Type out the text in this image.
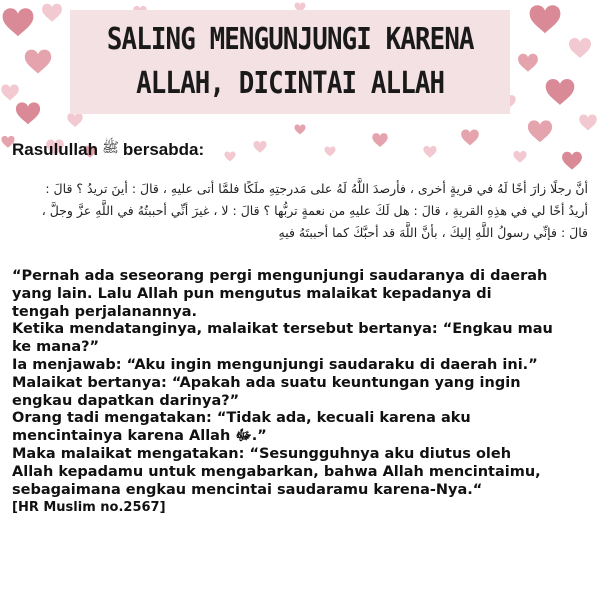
SALING MENGUNJUNGI KARENA
ALLAH, DICINTAI ALLAH
Rasulullah ﷺ bersabda:
أنَّ رجلًا زارَ أخًا لَهُ في قريةٍ أخرى ، فأرصدَ اللَّهُ لَهُ على مَدرجتِهِ ملَكًا فلمَّا أتى عليهِ ، قالَ : أينَ تريدُ ؟ قالَ :
أريدُ أخًا لي في هذِهِ القريةِ ، قالَ : هل لَكَ عليهِ من نعمةٍ تربُّها ؟ قالَ : لا ، غيرَ أنِّي أحببتُهُ في اللَّهِ عزَّ وجلَّ ،
قالَ : فإنِّي رسولُ اللَّهِ إليكَ ، بأنَّ اللَّهَ قد أحبَّكَ كما أحببتَهُ فيهِ
“Pernah ada seseorang pergi mengunjungi saudaranya di daerah
yang lain. Lalu Allah pun mengutus malaikat kepadanya di
tengah perjalanannya.
Ketika mendatanginya, malaikat tersebut bertanya: “Engkau mau
ke mana?”
Ia menjawab: “Aku ingin mengunjungi saudaraku di daerah ini.”
Malaikat bertanya: “Apakah ada suatu keuntungan yang ingin
engkau dapatkan darinya?”
Orang tadi mengatakan: “Tidak ada, kecuali karena aku
mencintainya karena Allah ﷻ.”
Maka malaikat mengatakan: “Sesungguhnya aku diutus oleh
Allah kepadamu untuk mengabarkan, bahwa Allah mencintaimu,
sebagaimana engkau mencintai saudaramu karena-Nya.“
[HR Muslim no.2567]
